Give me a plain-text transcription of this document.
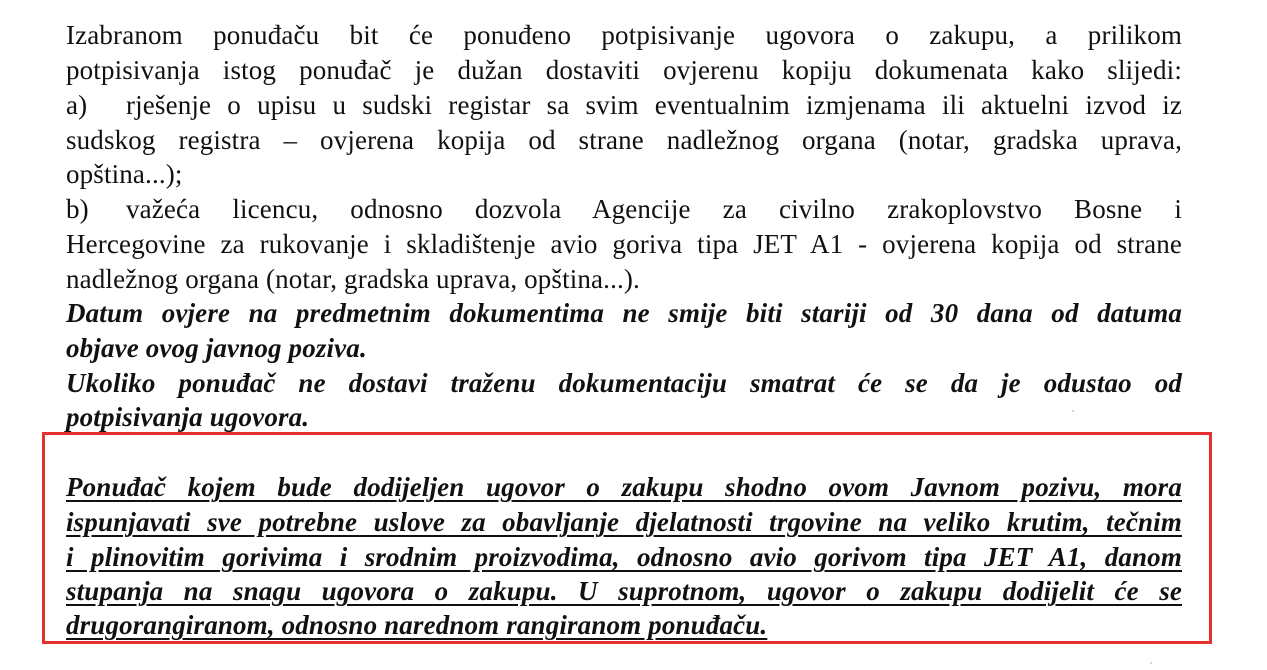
Izabranom ponuđaču bit će ponuđeno potpisivanje ugovora o zakupu, a prilikom
potpisivanja istog ponuđač je dužan dostaviti ovjerenu kopiju dokumenata kako slijedi:
a) rješenje o upisu u sudski registar sa svim eventualnim izmjenama ili aktuelni izvod iz
sudskog registra – ovjerena kopija od strane nadležnog organa (notar, gradska uprava,
opština...);
b) važeća licencu, odnosno dozvola Agencije za civilno zrakoplovstvo Bosne i
Hercegovine za rukovanje i skladištenje avio goriva tipa JET A1 - ovjerena kopija od strane
nadležnog organa (notar, gradska uprava, opština...).
Datum ovjere na predmetnim dokumentima ne smije biti stariji od 30 dana od datuma
objave ovog javnog poziva.
Ukoliko ponuđač ne dostavi traženu dokumentaciju smatrat će se da je odustao od
potpisivanja ugovora.
Ponuđač kojem bude dodijeljen ugovor o zakupu shodno ovom Javnom pozivu, mora
ispunjavati sve potrebne uslove za obavljanje djelatnosti trgovine na veliko krutim, tečnim
i plinovitim gorivima i srodnim proizvodima, odnosno avio gorivom tipa JET A1, danom
stupanja na snagu ugovora o zakupu. U suprotnom, ugovor o zakupu dodijelit će se
drugorangiranom, odnosno narednom rangiranom ponuđaču.
